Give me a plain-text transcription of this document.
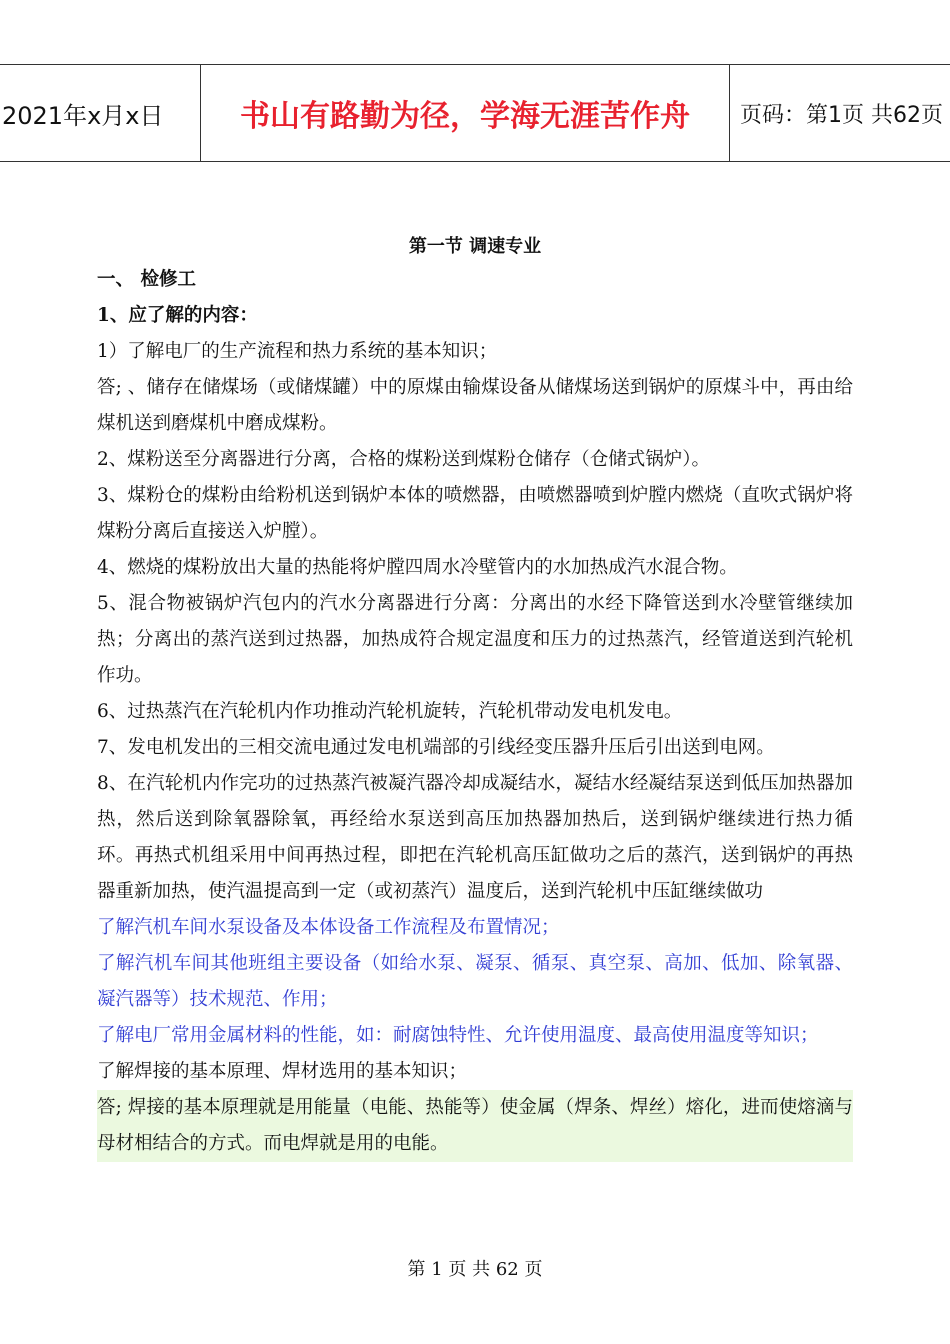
2021年x月x日	书山有路勤为径，学海无涯苦作舟	页码：第1页 共62页
第一节 调速专业

一、 检修工

1、应了解的内容：

1）了解电厂的生产流程和热力系统的基本知识；

答; 、储存在储煤场（或储煤罐）中的原煤由输煤设备从储煤场送到锅炉的原煤斗中，再由给煤机送到磨煤机中磨成煤粉。

2、煤粉送至分离器进行分离，合格的煤粉送到煤粉仓储存（仓储式锅炉）。

3、煤粉仓的煤粉由给粉机送到锅炉本体的喷燃器，由喷燃器喷到炉膛内燃烧（直吹式锅炉将煤粉分离后直接送入炉膛）。

4、燃烧的煤粉放出大量的热能将炉膛四周水冷壁管内的水加热成汽水混合物。

5、混合物被锅炉汽包内的汽水分离器进行分离：分离出的水经下降管送到水冷壁管继续加热；分离出的蒸汽送到过热器，加热成符合规定温度和压力的过热蒸汽，经管道送到汽轮机作功。

6、过热蒸汽在汽轮机内作功推动汽轮机旋转，汽轮机带动发电机发电。

7、发电机发出的三相交流电通过发电机端部的引线经变压器升压后引出送到电网。

8、在汽轮机内作完功的过热蒸汽被凝汽器冷却成凝结水，凝结水经凝结泵送到低压加热器加热，然后送到除氧器除氧，再经给水泵送到高压加热器加热后，送到锅炉继续进行热力循环。再热式机组采用中间再热过程，即把在汽轮机高压缸做功之后的蒸汽，送到锅炉的再热器重新加热，使汽温提高到一定（或初蒸汽）温度后，送到汽轮机中压缸继续做功

了解汽机车间水泵设备及本体设备工作流程及布置情况；

了解汽机车间其他班组主要设备（如给水泵、凝泵、循泵、真空泵、高加、低加、除氧器、凝汽器等）技术规范、作用；

了解电厂常用金属材料的性能，如：耐腐蚀特性、允许使用温度、最高使用温度等知识；

了解焊接的基本原理、焊材选用的基本知识；

答; 焊接的基本原理就是用能量（电能、热能等）使金属（焊条、焊丝）熔化，进而使熔滴与母材相结合的方式。而电焊就是用的电能。

第 1 页 共 62 页
